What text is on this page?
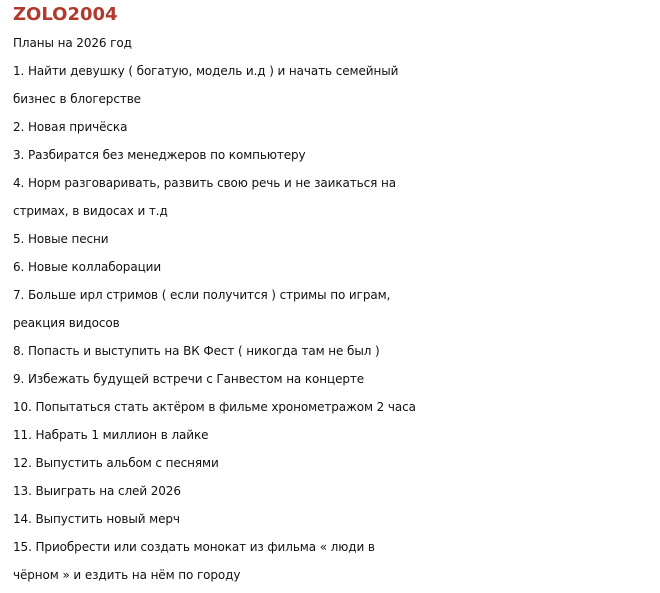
ZOLO2004
Планы на 2026 год
1. Найти девушку ( богатую, модель и.д ) и начать семейный
бизнес в блогерстве
2. Новая причёска
3. Разбиратся без менеджеров по компьютеру
4. Норм разговаривать, развить свою речь и не заикаться на
стримах, в видосах и т.д
5. Новые песни
6. Новые коллаборации
7. Больше ирл стримов ( если получится ) стримы по играм,
реакция видосов
8. Попасть и выступить на ВК Фест ( никогда там не был )
9. Избежать будущей встречи с Ганвестом на концерте
10. Попытаться стать актёром в фильме хронометражом 2 часа
11. Набрать 1 миллион в лайке
12. Выпустить альбом с песнями
13. Выиграть на слей 2026
14. Выпустить новый мерч
15. Приобрести или создать монокат из фильма « люди в
чёрном » и ездить на нём по городу
